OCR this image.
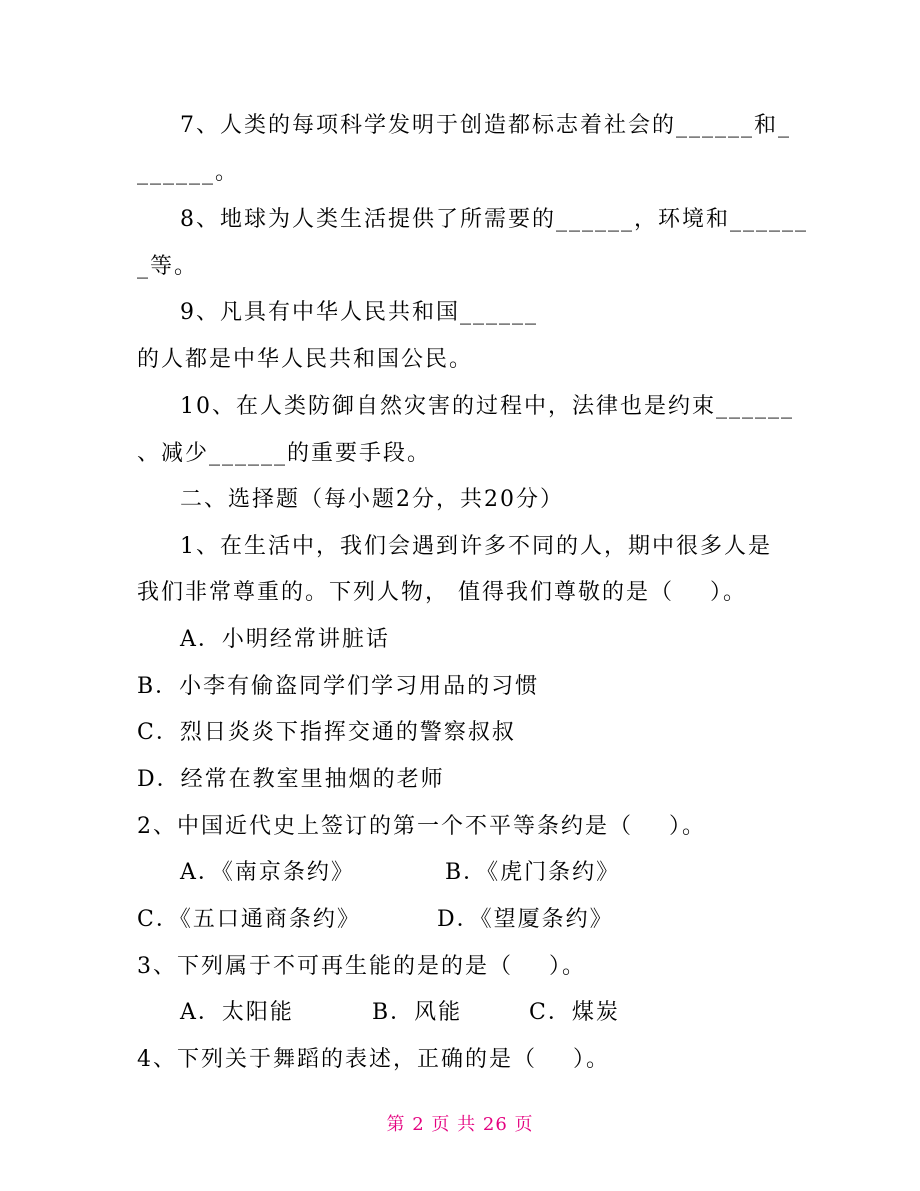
7、人类的每项科学发明于创造都标志着社会的______和_
______。
8、地球为人类生活提供了所需要的______，环境和______
_等。
9、凡具有中华人民共和国______
的人都是中华人民共和国公民。
10、在人类防御自然灾害的过程中，法律也是约束______
、减少______的重要手段。
二、选择题（每小题2分，共20分）
1、在生活中，我们会遇到许多不同的人，期中很多人是
我们非常尊重的。下列人物， 值得我们尊敬的是（    ）。
A．小明经常讲脏话
B．小李有偷盗同学们学习用品的习惯
C．烈日炎炎下指挥交通的警察叔叔
D．经常在教室里抽烟的老师
2、中国近代史上签订的第一个不平等条约是（    ）。
A．《南京条约》	B．《虎门条约》
C．《五口通商条约》	D．《望厦条约》
3、下列属于不可再生能的是的是（    ）。
A．太阳能	B．风能	C．煤炭
4、下列关于舞蹈的表述，正确的是（    ）。
第 2 页 共 26 页
